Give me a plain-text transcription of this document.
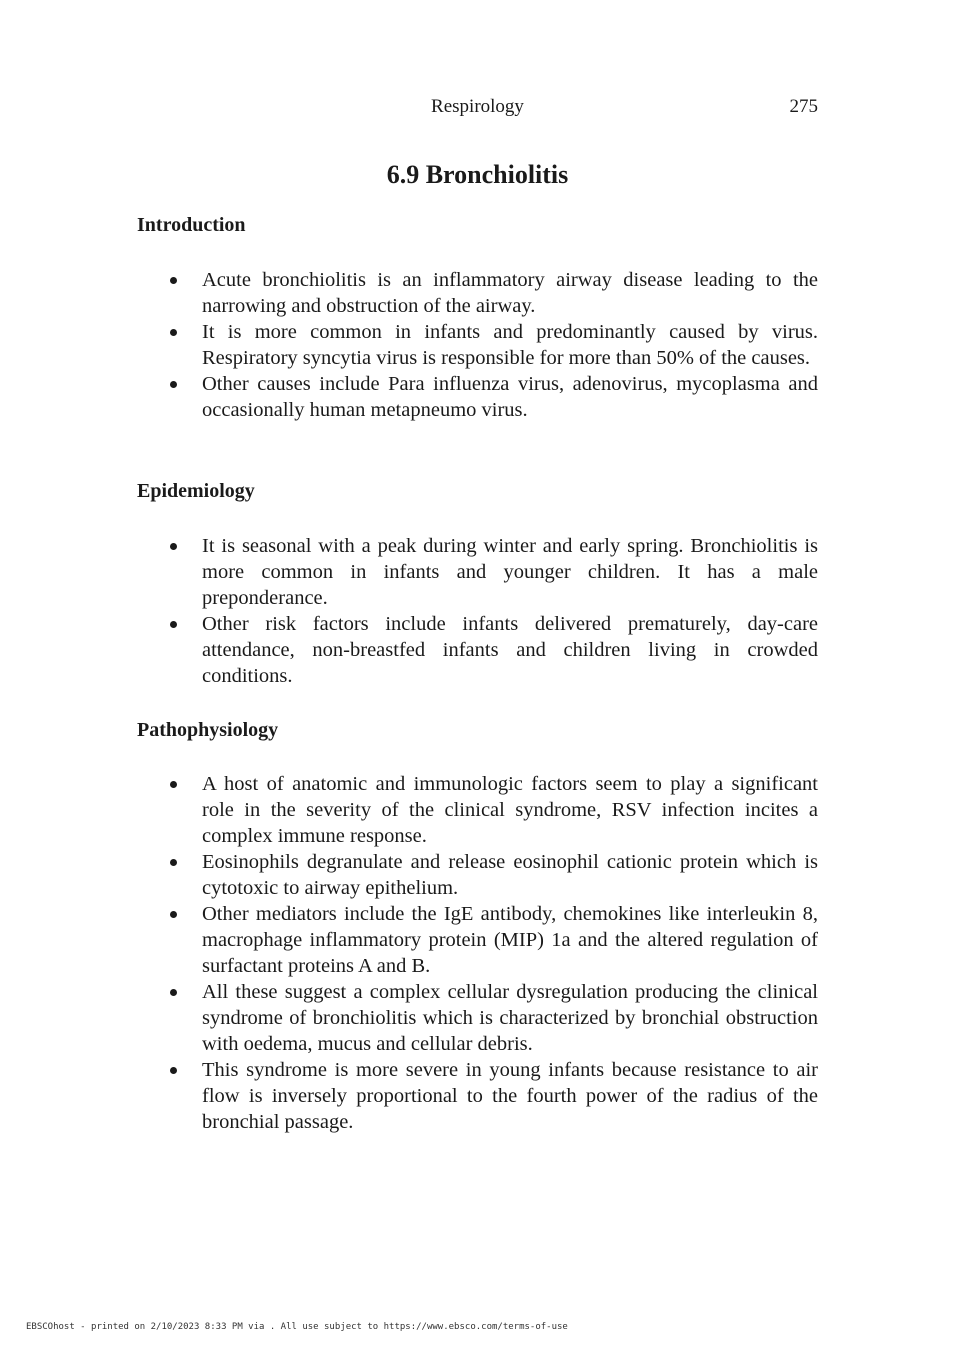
Respirology	275
6.9 Bronchiolitis
Introduction
Acute bronchiolitis is an inflammatory airway disease leading to the narrowing and obstruction of the airway.
It is more common in infants and predominantly caused by virus. Respiratory syncytia virus is responsible for more than 50% of the causes.
Other causes include Para influenza virus, adenovirus, mycoplasma and occasionally human metapneumo virus.
Epidemiology
It is seasonal with a peak during winter and early spring. Bronchiolitis is more common in infants and younger children. It has a male preponderance.
Other risk factors include infants delivered prematurely, day-care attendance, non-breastfed infants and children living in crowded conditions.
Pathophysiology
A host of anatomic and immunologic factors seem to play a significant role in the severity of the clinical syndrome, RSV infection incites a complex immune response.
Eosinophils degranulate and release eosinophil cationic protein which is cytotoxic to airway epithelium.
Other mediators include the IgE antibody, chemokines like interleukin 8, macrophage inflammatory protein (MIP) 1a and the altered regulation of surfactant proteins A and B.
All these suggest a complex cellular dysregulation producing the clinical syndrome of bronchiolitis which is characterized by bronchial obstruction with oedema, mucus and cellular debris.
This syndrome is more severe in young infants because resistance to air flow is inversely proportional to the fourth power of the radius of the bronchial passage.
EBSCOhost - printed on 2/10/2023 8:33 PM via . All use subject to https://www.ebsco.com/terms-of-use
